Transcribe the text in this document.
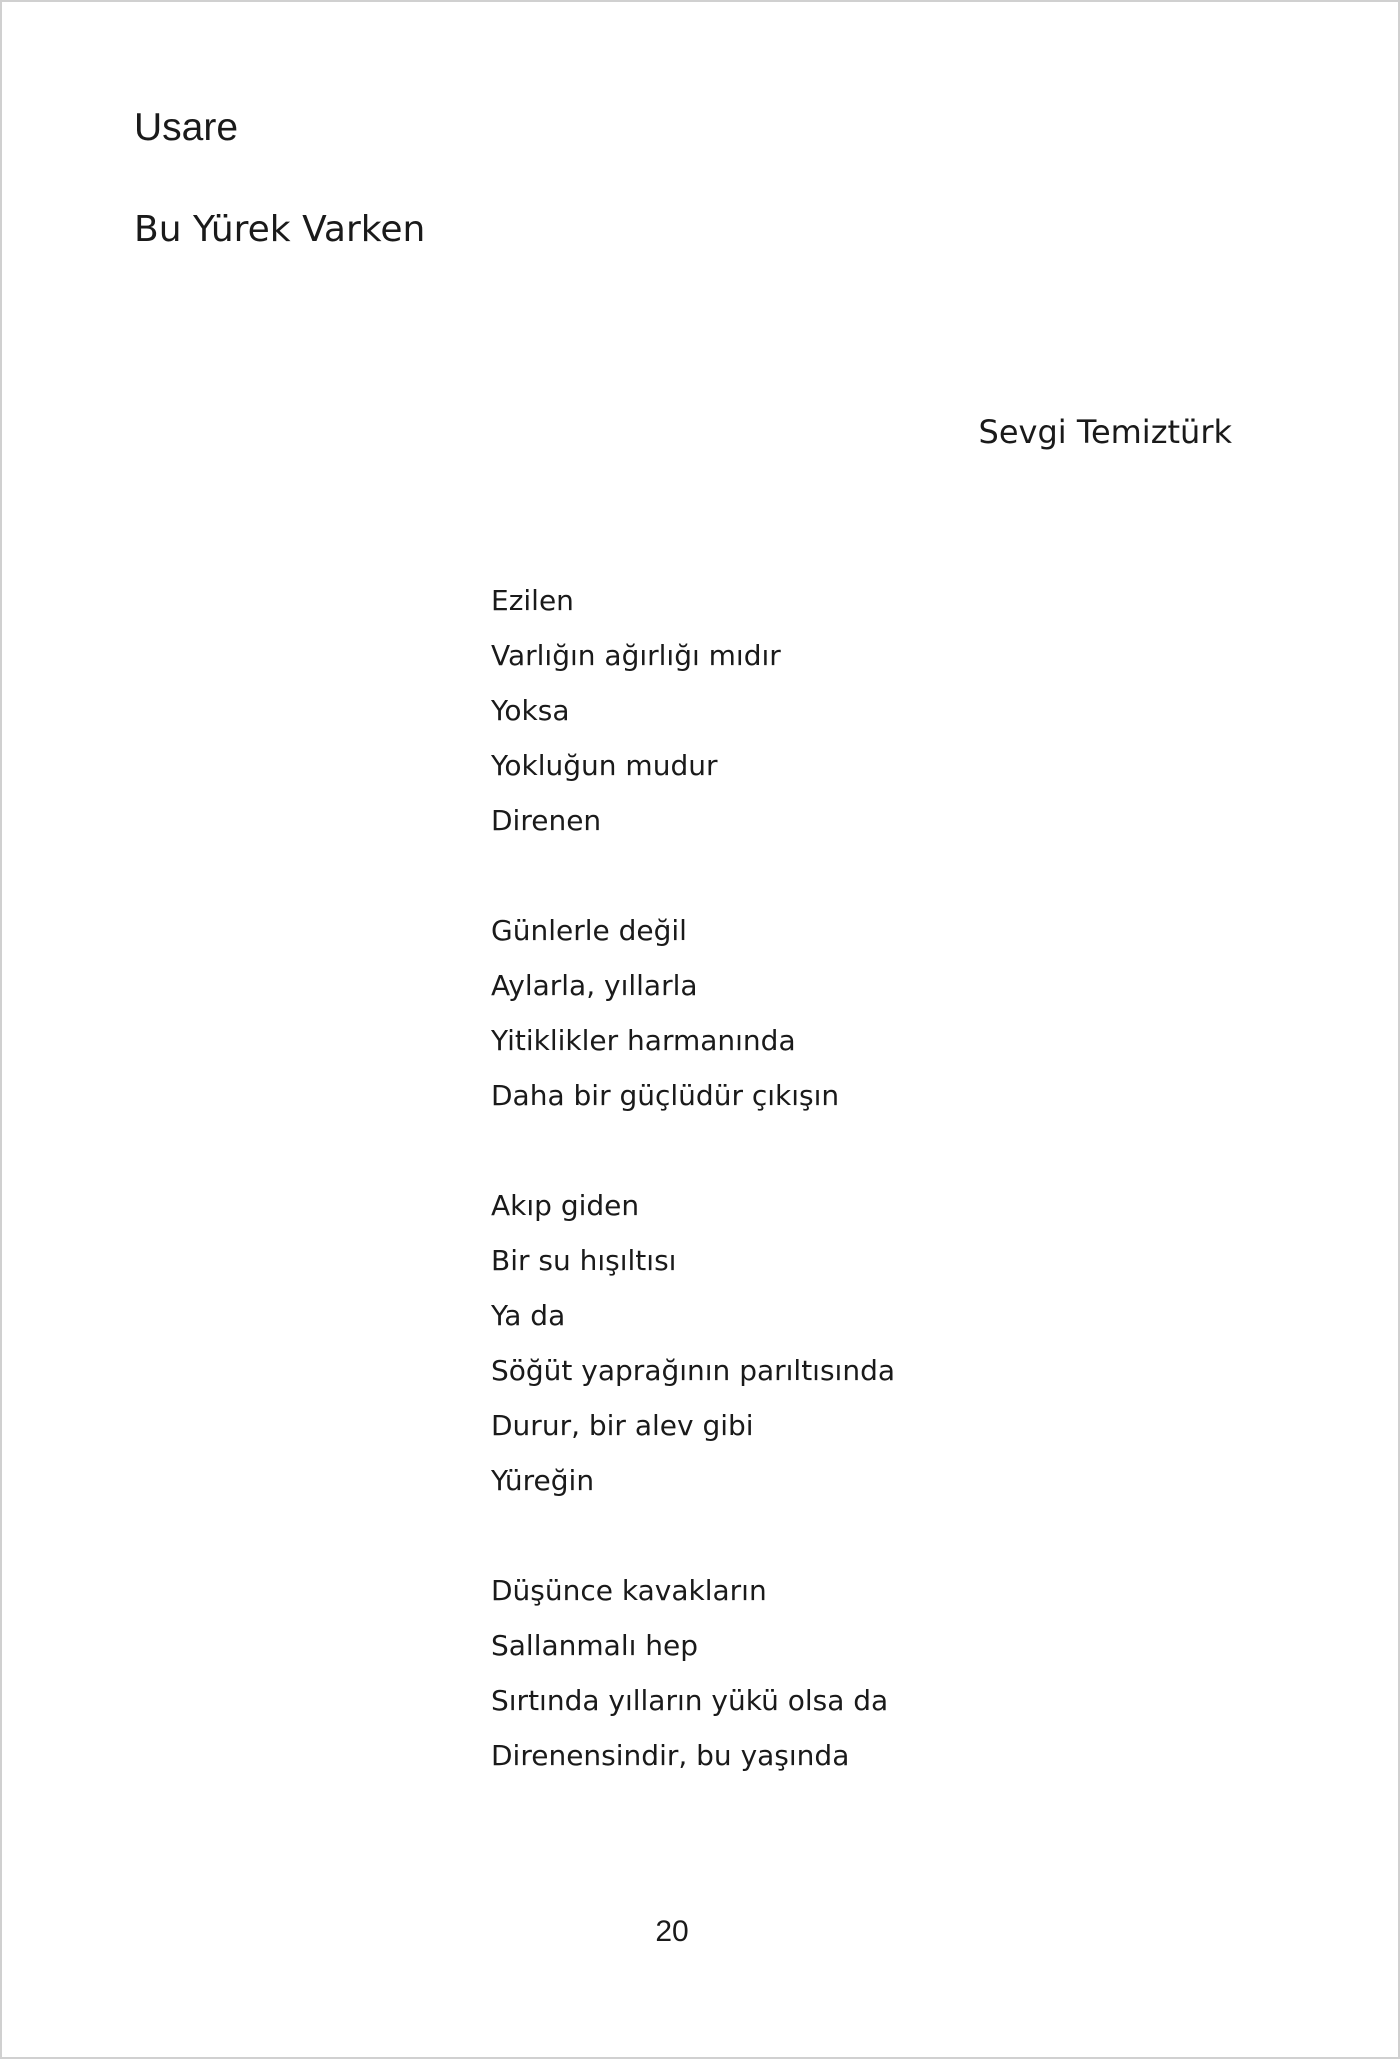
Usare
Bu Yürek Varken
Sevgi Temiztürk
Ezilen
Varlığın ağırlığı mıdır
Yoksa
Yokluğun mudur
Direnen
Günlerle değil
Aylarla, yıllarla
Yitiklikler harmanında
Daha bir güçlüdür çıkışın
Akıp giden
Bir su hışıltısı
Ya da
Söğüt yaprağının parıltısında
Durur, bir alev gibi
Yüreğin
Düşünce kavakların
Sallanmalı hep
Sırtında yılların yükü olsa da
Direnensindir, bu yaşında
20
